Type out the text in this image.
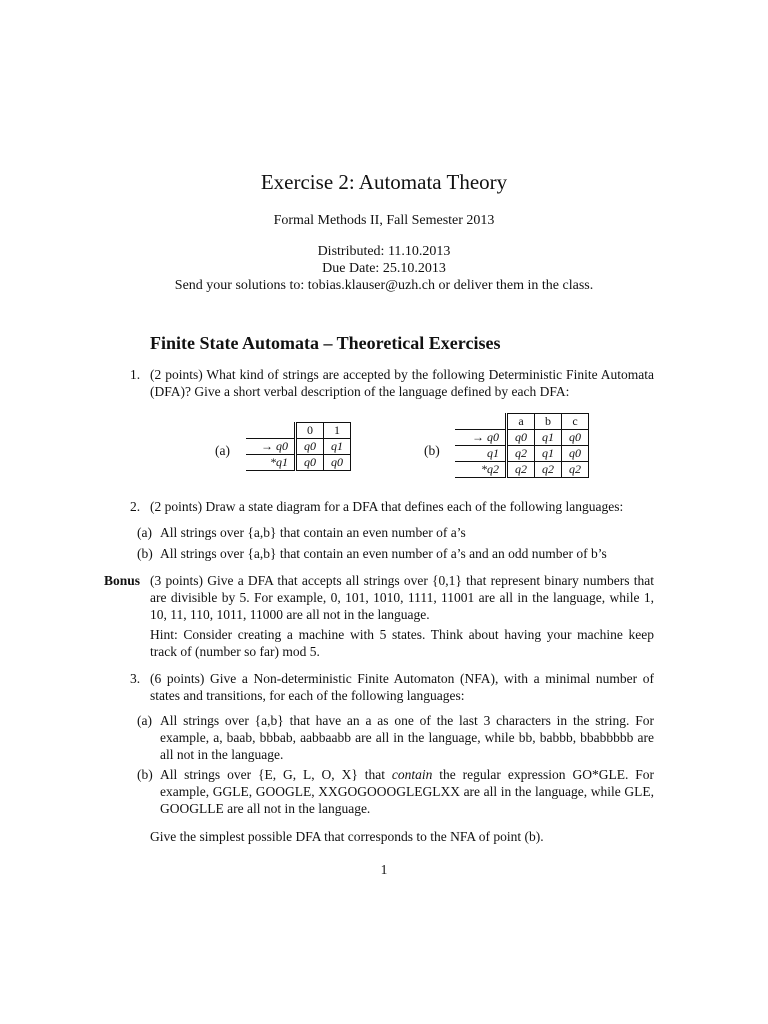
Exercise 2: Automata Theory
Formal Methods II, Fall Semester 2013
Distributed: 11.10.2013
Due Date: 25.10.2013
Send your solutions to: tobias.klauser@uzh.ch or deliver them in the class.
Finite State Automata – Theoretical Exercises
1. (2 points) What kind of strings are accepted by the following Deterministic Finite Automata (DFA)? Give a short verbal description of the language defined by each DFA:
(a)
	0	1
→ q0	q0	q1
*q1	q0	q0
(b)
	a	b	c
→ q0	q0	q1	q0
q1	q2	q1	q0
*q2	q2	q2	q2
2. (2 points) Draw a state diagram for a DFA that defines each of the following languages:
(a) All strings over {a,b} that contain an even number of a’s
(b) All strings over {a,b} that contain an even number of a’s and an odd number of b’s
Bonus (3 points) Give a DFA that accepts all strings over {0,1} that represent binary numbers that are divisible by 5. For example, 0, 101, 1010, 1111, 11001 are all in the language, while 1, 10, 11, 110, 1011, 11000 are all not in the language.
Hint: Consider creating a machine with 5 states. Think about having your machine keep track of (number so far) mod 5.
3. (6 points) Give a Non-deterministic Finite Automaton (NFA), with a minimal number of states and transitions, for each of the following languages:
(a) All strings over {a,b} that have an a as one of the last 3 characters in the string. For example, a, baab, bbbab, aabbaabb are all in the language, while bb, babbb, bbabbbbb are all not in the language.
(b) All strings over {E, G, L, O, X} that contain the regular expression GO*GLE. For example, GGLE, GOOGLE, XXGOGOOOGLEGLXX are all in the language, while GLE, GOOGLLE are all not in the language.
Give the simplest possible DFA that corresponds to the NFA of point (b).
1
